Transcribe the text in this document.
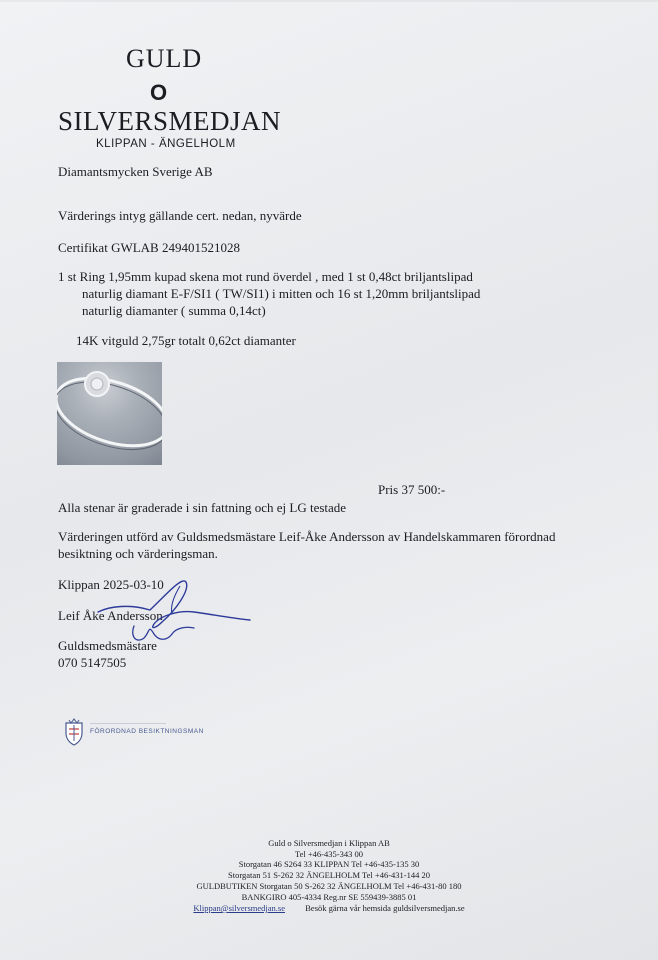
GULD
O
SILVERSMEDJAN
KLIPPAN - ÄNGELHOLM
Diamantsmycken Sverige AB
Värderings intyg gällande cert. nedan, nyvärde
Certifikat GWLAB 249401521028
1 st Ring 1,95mm kupad skena mot rund överdel , med 1 st 0,48ct briljantslipad
naturlig diamant E-F/SI1 ( TW/SI1) i mitten och 16 st 1,20mm briljantslipad
naturlig diamanter ( summa 0,14ct)
14K vitguld 2,75gr totalt 0,62ct diamanter
Pris 37 500:-
Alla stenar är graderade i sin fattning och ej LG testade
Värderingen utförd av Guldsmedsmästare Leif-Åke Andersson av Handelskammaren förordnad
besiktning och värderingsman.
Klippan 2025-03-10
Leif Åke Andersson
Guldsmedsmästare
070 5147505
———————————————————
FÖRORDNAD BESIKTNINGSMAN
Guld o Silversmedjan i Klippan AB
Tel +46-435-343 00
Storgatan 46 S264 33 KLIPPAN Tel +46-435-135 30
Storgatan 51 S-262 32 ÄNGELHOLM Tel +46-431-144 20
GULDBUTIKEN Storgatan 50 S-262 32 ÄNGELHOLM Tel +46-431-80 180
BANKGIRO 405-4334 Reg.nr SE 559439-3885 01
Klippan@silversmedjan.se Besök gärna vår hemsida guldsilversmedjan.se
